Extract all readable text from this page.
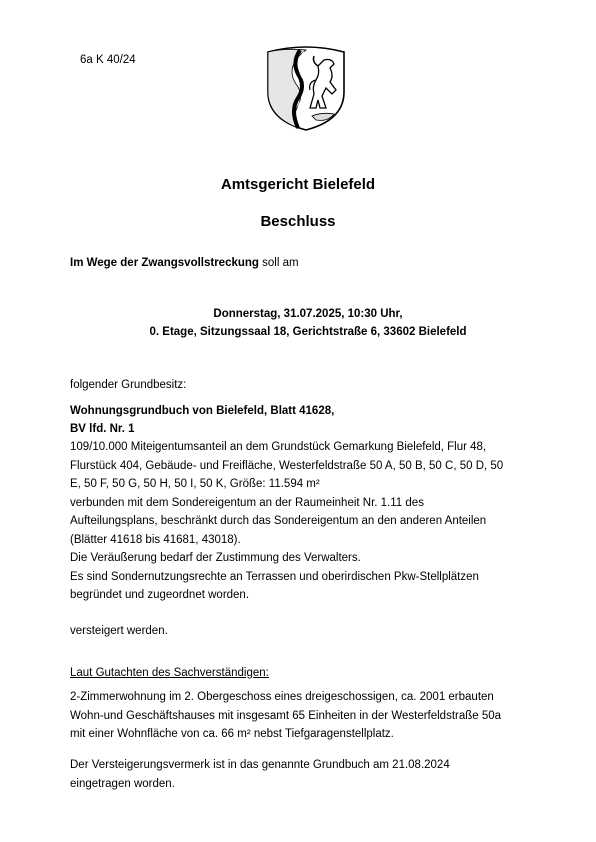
6a K 40/24
Amtsgericht Bielefeld
Beschluss
Im Wege der Zwangsvollstreckung soll am
Donnerstag, 31.07.2025, 10:30 Uhr,
0. Etage, Sitzungssaal 18, Gerichtstraße 6, 33602 Bielefeld
folgender Grundbesitz:
Wohnungsgrundbuch von Bielefeld, Blatt 41628,
BV lfd. Nr. 1
109/10.000 Miteigentumsanteil an dem Grundstück Gemarkung Bielefeld, Flur 48,
Flurstück 404, Gebäude- und Freifläche, Westerfeldstraße 50 A, 50 B, 50 C, 50 D, 50
E, 50 F, 50 G, 50 H, 50 I, 50 K, Größe: 11.594 m²
verbunden mit dem Sondereigentum an der Raumeinheit Nr. 1.11 des
Aufteilungsplans, beschränkt durch das Sondereigentum an den anderen Anteilen
(Blätter 41618 bis 41681, 43018).
Die Veräußerung bedarf der Zustimmung des Verwalters.
Es sind Sondernutzungsrechte an Terrassen und oberirdischen Pkw-Stellplätzen
begründet und zugeordnet worden.
versteigert werden.
Laut Gutachten des Sachverständigen:
2-Zimmerwohnung im 2. Obergeschoss eines dreigeschossigen, ca. 2001 erbauten
Wohn-und Geschäftshauses mit insgesamt 65 Einheiten in der Westerfeldstraße 50a
mit einer Wohnfläche von ca. 66 m² nebst Tiefgaragenstellplatz.
Der Versteigerungsvermerk ist in das genannte Grundbuch am 21.08.2024
eingetragen worden.
